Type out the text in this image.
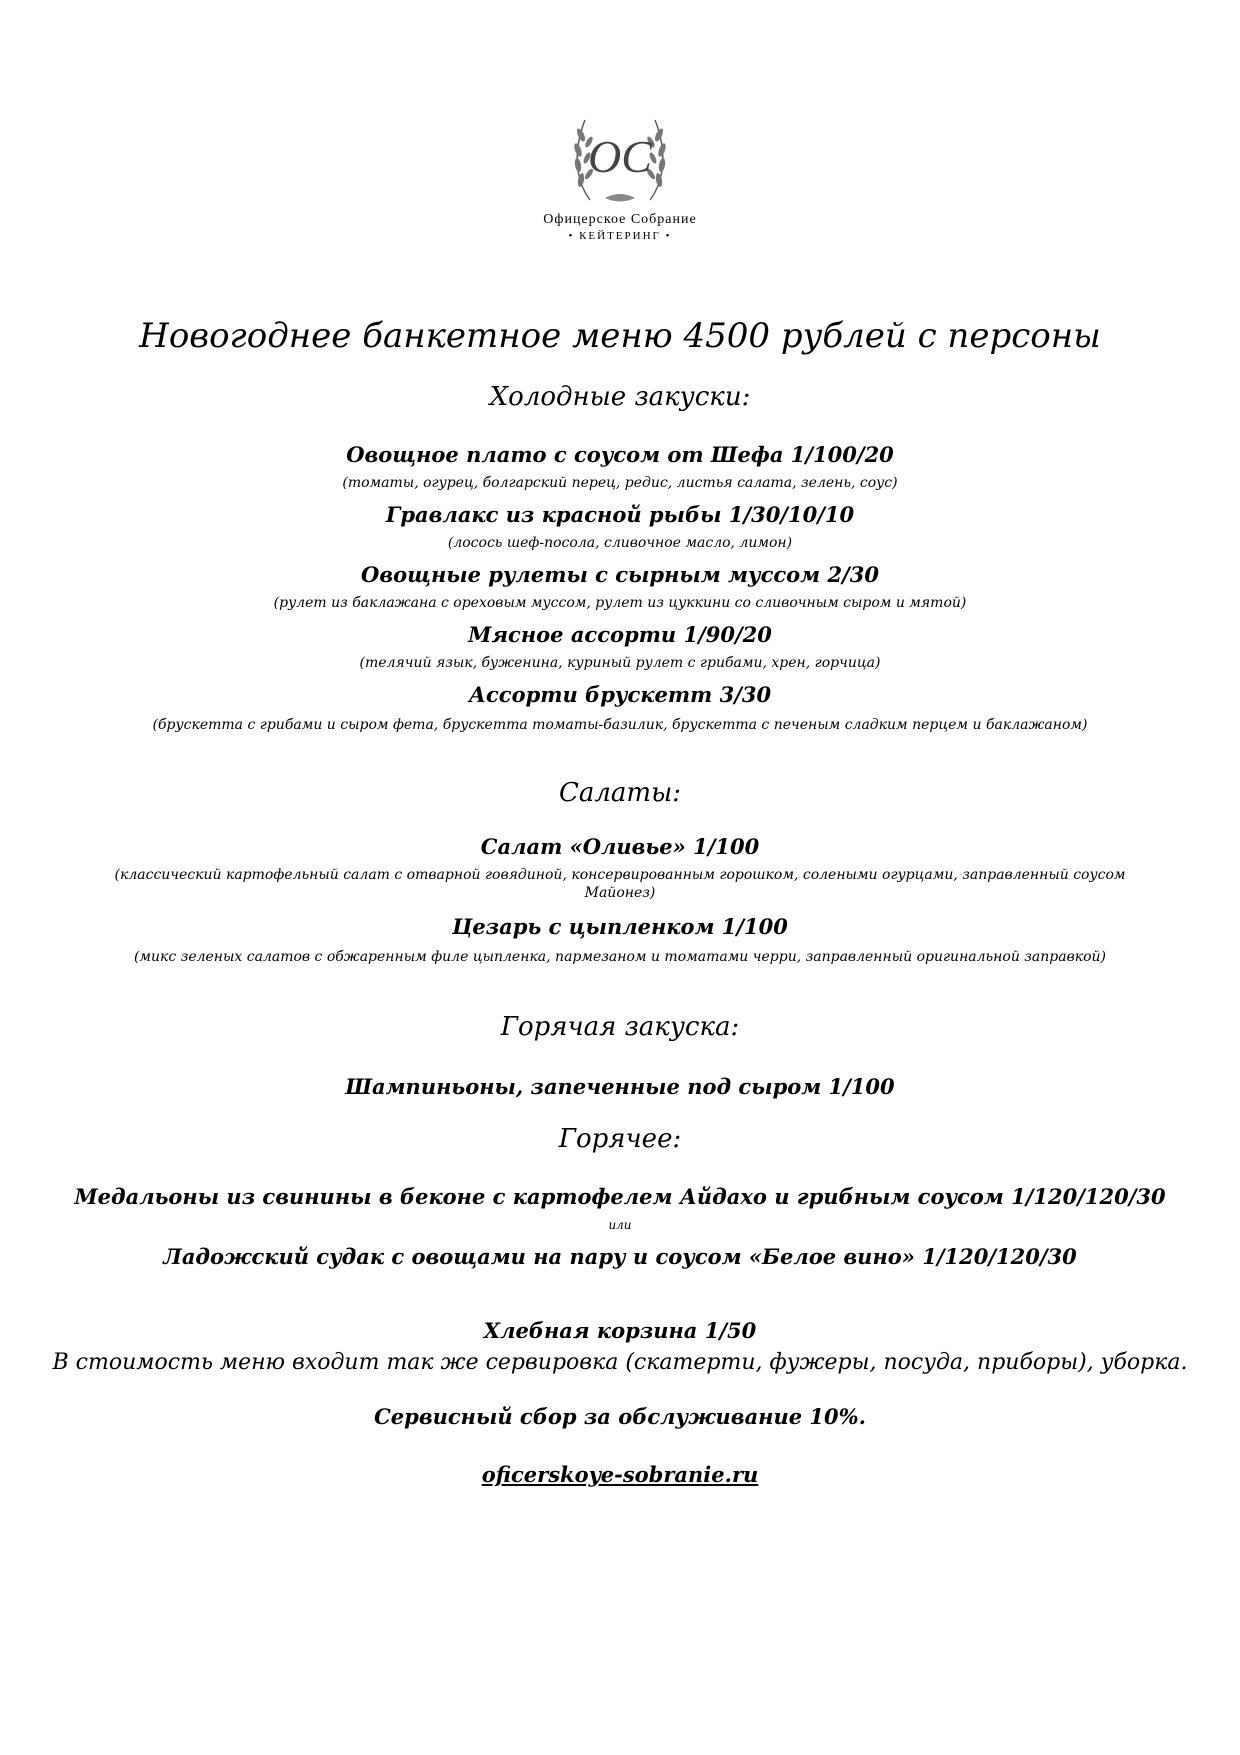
OC
Офицерское Собрание
• КЕЙТЕРИНГ •
Новогоднее банкетное меню 4500 рублей с персоны
Холодные закуски:
Овощное плато с соусом от Шефа 1/100/20
(томаты, огурец, болгарский перец, редис, листья салата, зелень, соус)
Гравлакс из красной рыбы 1/30/10/10
(лосось шеф-посола, сливочное масло, лимон)
Овощные рулеты с сырным муссом 2/30
(рулет из баклажана с ореховым муссом, рулет из цуккини со сливочным сыром и мятой)
Мясное ассорти 1/90/20
(телячий язык, буженина, куриный рулет с грибами, хрен, горчица)
Ассорти брускетт 3/30
(брускетта с грибами и сыром фета, брускетта томаты-базилик, брускетта с печеным сладким перцем и баклажаном)
Салаты:
Салат «Оливье» 1/100
(классический картофельный салат с отварной говядиной, консервированным горошком, солеными огурцами, заправленный соусом Майонез)
Цезарь с цыпленком 1/100
(микс зеленых салатов с обжаренным филе цыпленка, пармезаном и томатами черри, заправленный оригинальной заправкой)
Горячая закуска:
Шампиньоны, запеченные под сыром 1/100
Горячее:
Медальоны из свинины в беконе с картофелем Айдахо и грибным соусом 1/120/120/30
или
Ладожский судак с овощами на пару и соусом «Белое вино» 1/120/120/30
Хлебная корзина 1/50
В стоимость меню входит так же сервировка (скатерти, фужеры, посуда, приборы), уборка.
Сервисный сбор за обслуживание 10%.
oficerskoye-sobranie.ru
